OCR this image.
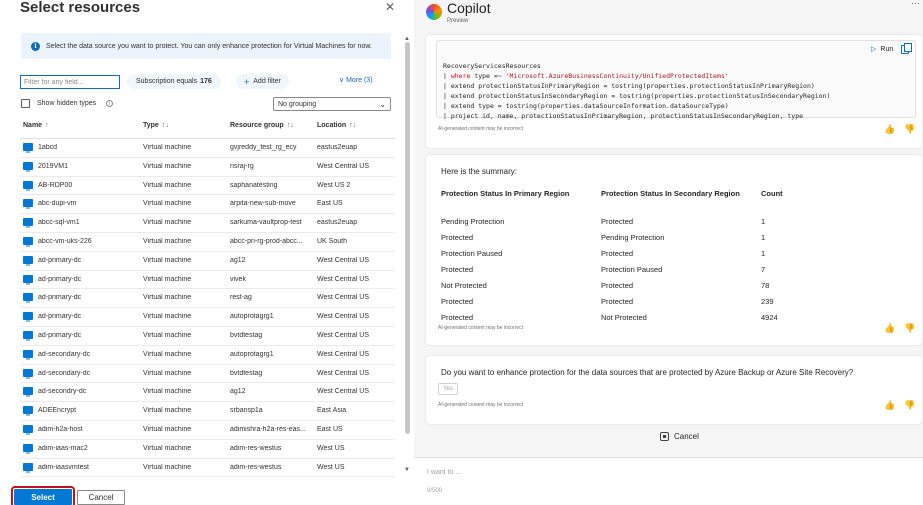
Select resources	✕
i	Select the data source you want to protect. You can only enhance protection for Virtual Machines for now.
Filter for any field...
Subscription equals 176	+ Add filter	∨ More (3)
Show hidden types	i	No grouping	⌄
Name ↑	Type ↑↓	Resource group ↑↓	Location ↑↓
1abcd	Virtual machine	gvjreddy_test_rg_ecy	eastus2euap
2019VM1	Virtual machine	risraj-rg	West Central US
AB-RDP00	Virtual machine	saphanatesting	West US 2
abc-dupi-vm	Virtual machine	arpita-new-sub-move	East US
abcc-sql-vm1	Virtual machine	sarkuma-vaultprop-test	eastus2euap
abcc-vm-uks-226	Virtual machine	abcc-pri-rg-prod-abcc...	UK South
ad-primary-dc	Virtual machine	ag12	West Central US
ad-primary-dc	Virtual machine	vivek	West Central US
ad-primary-dc	Virtual machine	rest-ag	West Central US
ad-primary-dc	Virtual machine	autoprotagrg1	West Central US
ad-primary-dc	Virtual machine	bvtdtestag	West Central US
ad-secondary-dc	Virtual machine	autoprotagrg1	West Central US
ad-secondary-dc	Virtual machine	bvtdtestag	West Central US
ad-secondry-dc	Virtual machine	ag12	West Central US
ADEEncrypt	Virtual machine	srbansp1a	East Asia
adim-h2a-host	Virtual machine	adimishra-h2a-res-eas...	East US
adim-iaas-mac2	Virtual machine	adim-res-westus	West US
adim-iaasvmtest	Virtual machine	adim-res-westus	West US
▲
▼
Select	Cancel
Copilot
Preview
···
▷ Run
RecoveryServicesResources
| where type =~ 'Microsoft.AzureBusinessContinuity/UnifiedProtectedItems'
| extend protectionStatusInPrimaryRegion = tostring(properties.protectionStatusInPrimaryRegion)
| extend protectionStatusInSecondaryRegion = tostring(properties.protectionStatusInSecondaryRegion)
| extend type = tostring(properties.dataSourceInformation.dataSourceType)
| project id, name, protectionStatusInPrimaryRegion, protectionStatusInSecondaryRegion, type
AI-generated content may be incorrect	👍 👎
Here is the summary:
Protection Status In Primary Region	Protection Status In Secondary Region	Count
Pending Protection	Protected	1
Protected	Pending Protection	1
Protection Paused	Protected	1
Protected	Protection Paused	7
Not Protected	Protected	78
Protected	Protected	239
Protected	Not Protected	4924
AI-generated content may be incorrect	👍 👎
Do you want to enhance protection for the data sources that are protected by Azure Backup or Azure Site Recovery?
Yes
AI-generated content may be incorrect	👍 👎
Cancel
I want to ...
0/500
